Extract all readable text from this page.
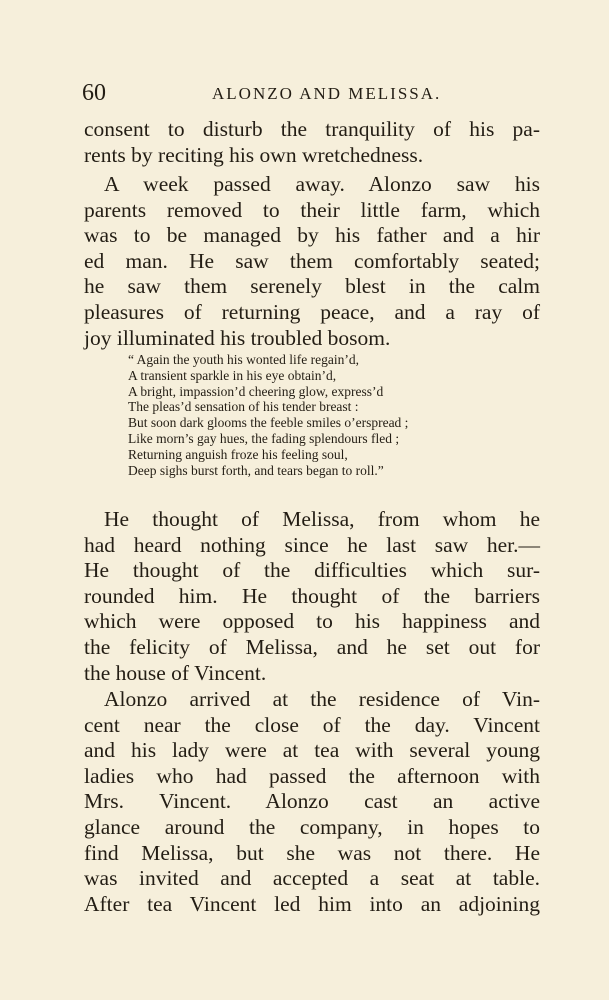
60	ALONZO AND MELISSA.
consent to disturb the tranquility of his pa-
rents by reciting his own wretchedness.
A week passed away. Alonzo saw his
parents removed to their little farm, which
was to be managed by his father and a hir
ed man. He saw them comfortably seated;
he saw them serenely blest in the calm
pleasures of returning peace, and a ray of
joy illuminated his troubled bosom.
“ Again the youth his wonted life regain’d,
A transient sparkle in his eye obtain’d,
A bright, impassion’d cheering glow, express’d
The pleas’d sensation of his tender breast :
But soon dark glooms the feeble smiles o’erspread ;
Like morn’s gay hues, the fading splendours fled ;
Returning anguish froze his feeling soul,
Deep sighs burst forth, and tears began to roll.”
He thought of Melissa, from whom he
had heard nothing since he last saw her.—
He thought of the difficulties which sur-
rounded him. He thought of the barriers
which were opposed to his happiness and
the felicity of Melissa, and he set out for
the house of Vincent.
Alonzo arrived at the residence of Vin-
cent near the close of the day. Vincent
and his lady were at tea with several young
ladies who had passed the afternoon with
Mrs. Vincent. Alonzo cast an active
glance around the company, in hopes to
find Melissa, but she was not there. He
was invited and accepted a seat at table.
After tea Vincent led him into an adjoining
